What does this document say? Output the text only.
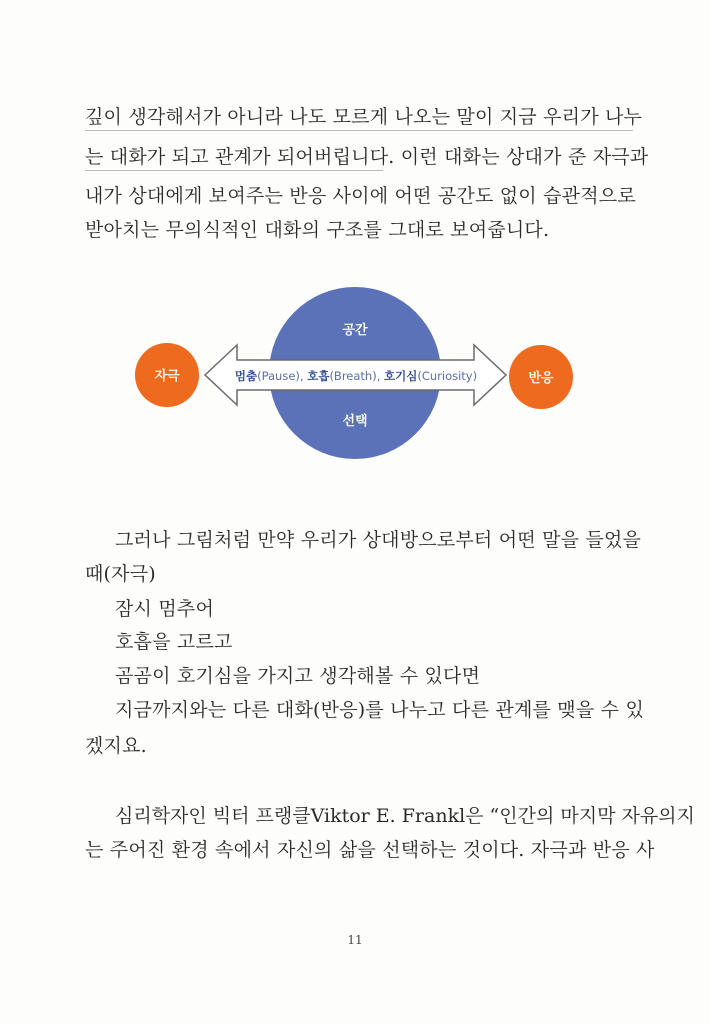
깊이 생각해서가 아니라 나도 모르게 나오는 말이 지금 우리가 나누
는 대화가 되고 관계가 되어버립니다. 이런 대화는 상대가 준 자극과
내가 상대에게 보여주는 반응 사이에 어떤 공간도 없이 습관적으로
받아치는 무의식적인 대화의 구조를 그대로 보여줍니다.
공간
선택
자극	반응
멈춤(Pause), 호흡(Breath), 호기심(Curiosity)
그러나 그림처럼 만약 우리가 상대방으로부터 어떤 말을 들었을
때(자극)
잠시 멈추어
호흡을 고르고
곰곰이 호기심을 가지고 생각해볼 수 있다면
지금까지와는 다른 대화(반응)를 나누고 다른 관계를 맺을 수 있
겠지요.
심리학자인 빅터 프랭클Viktor E. Frankl은 “인간의 마지막 자유의지
는 주어진 환경 속에서 자신의 삶을 선택하는 것이다. 자극과 반응 사
11
